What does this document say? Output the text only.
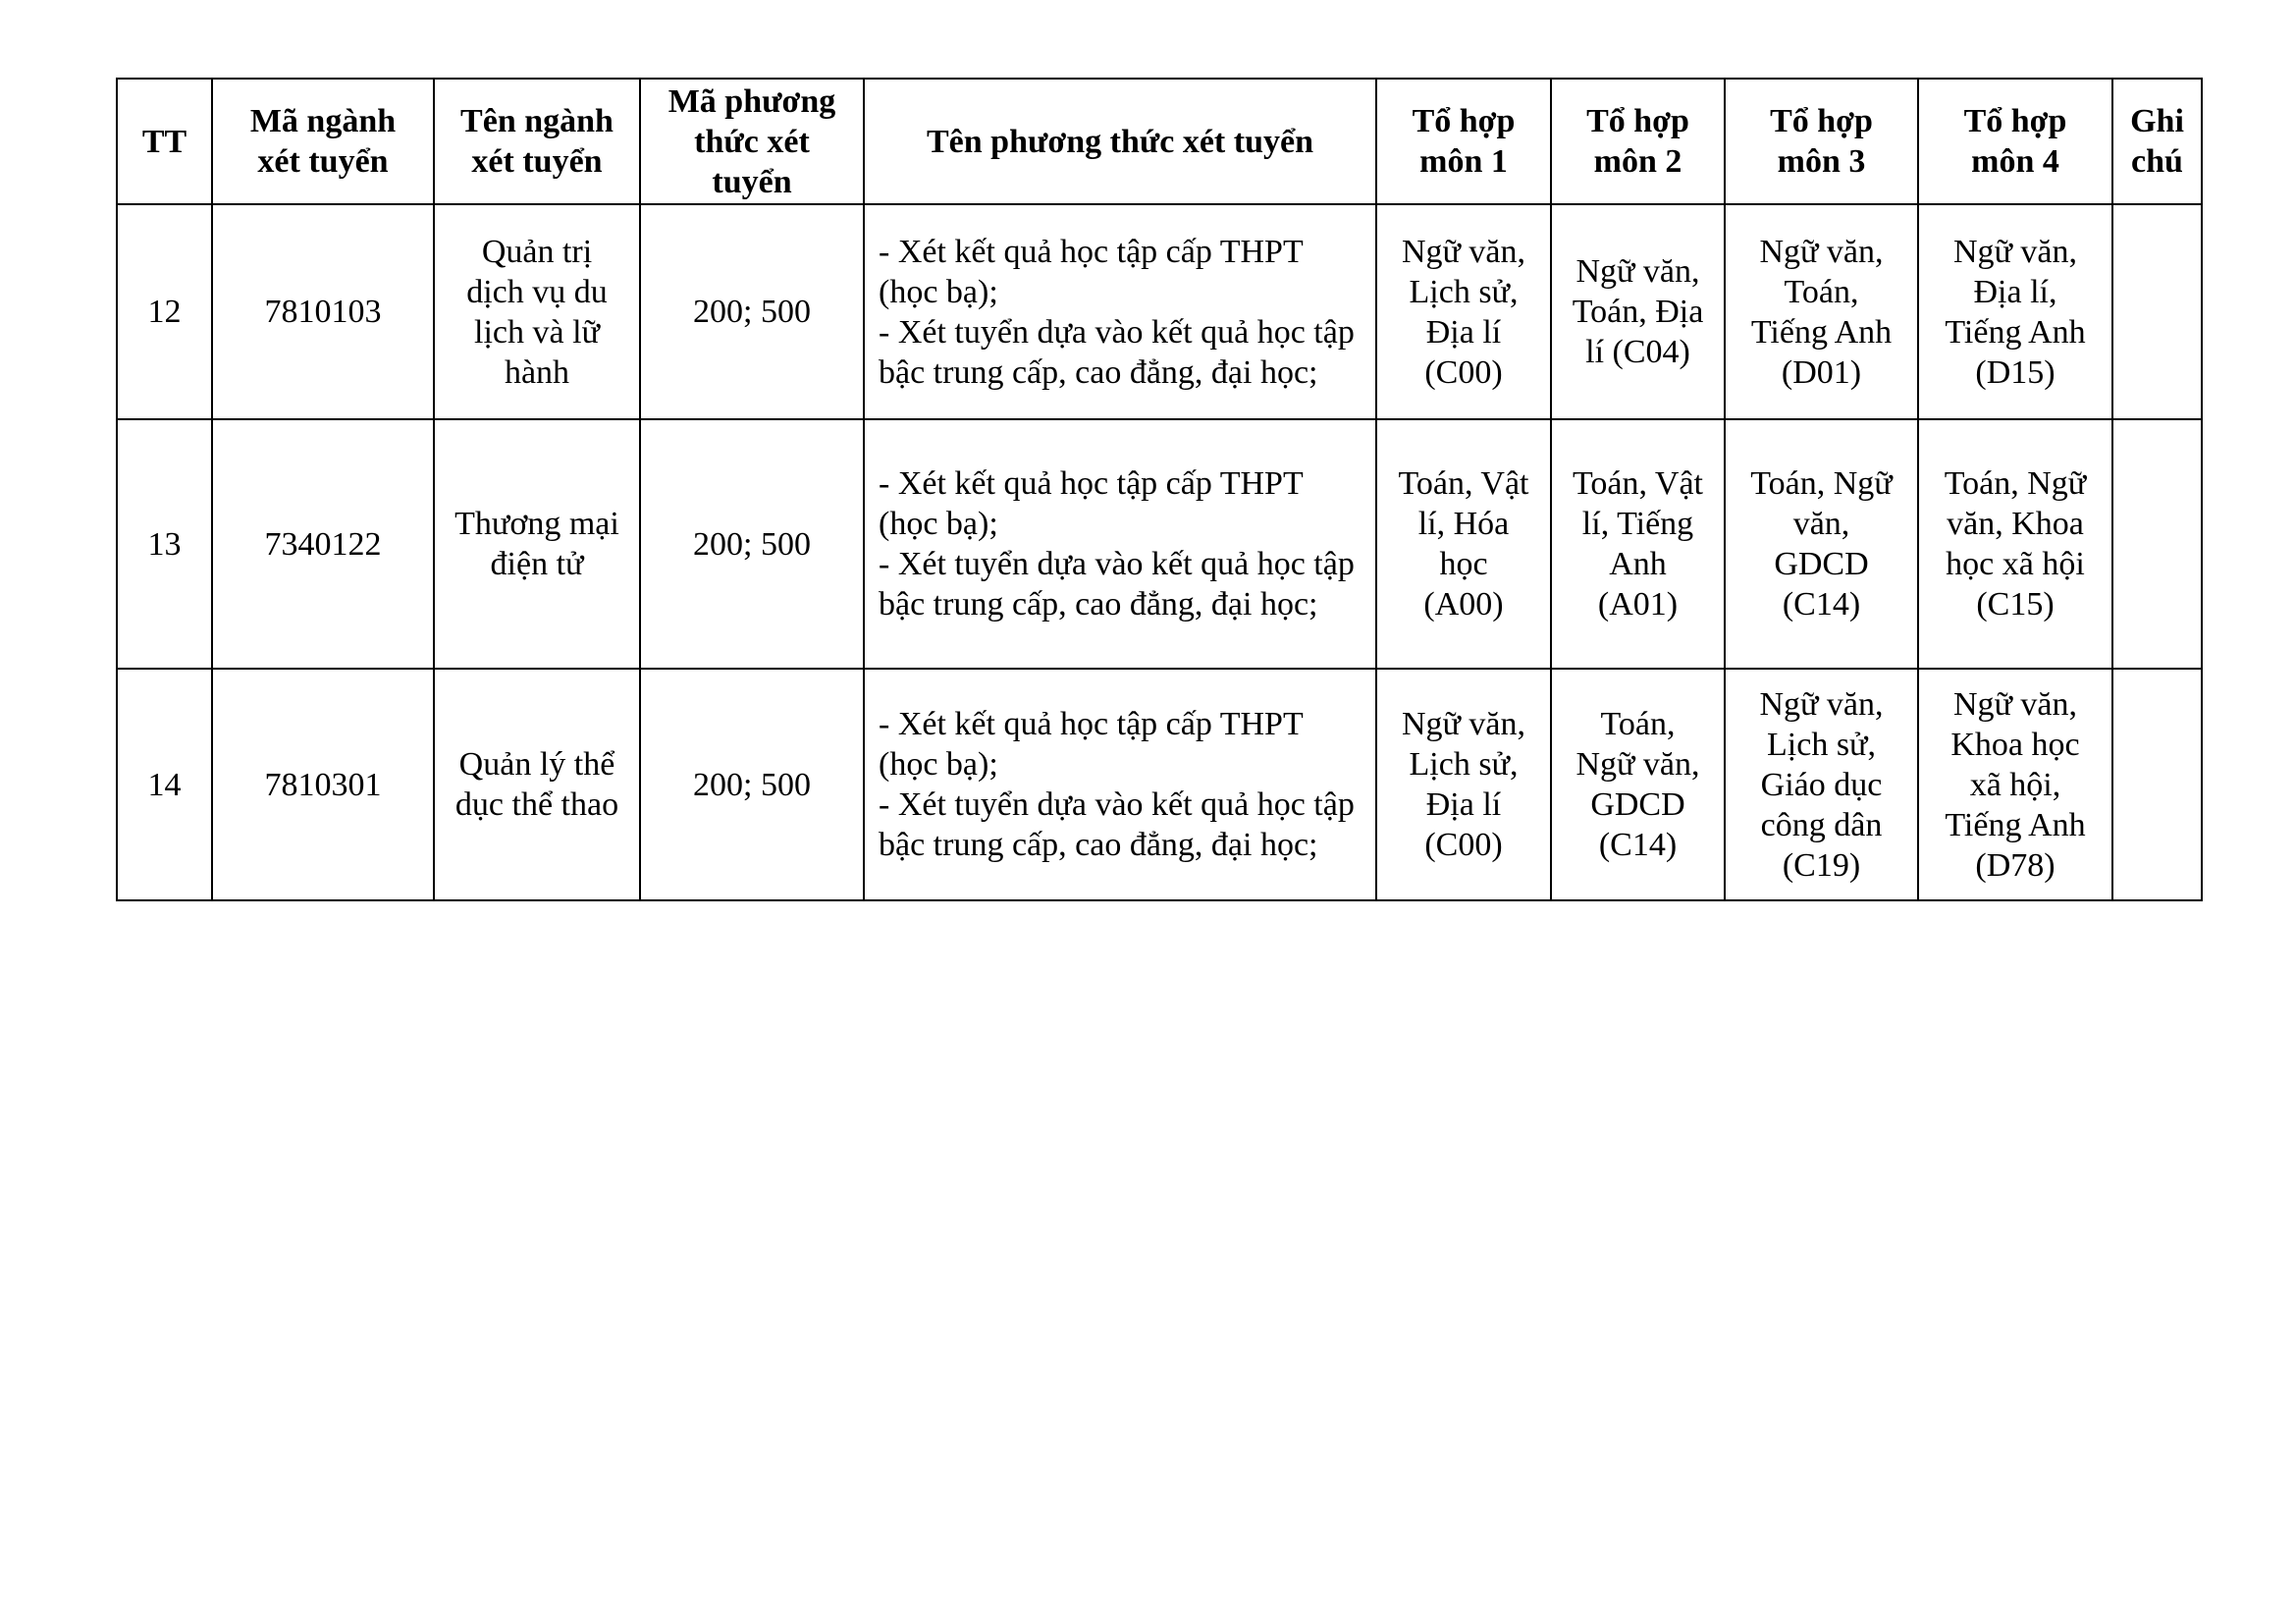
TT	Mã ngành
xét tuyển	Tên ngành
xét tuyển	Mã phương
thức xét
tuyển	Tên phương thức xét tuyển	Tổ hợp
môn 1	Tổ hợp
môn 2	Tổ hợp
môn 3	Tổ hợp
môn 4	Ghi
chú
12	7810103	Quản trị
dịch vụ du
lịch và lữ
hành	200; 500	- Xét kết quả học tập cấp THPT
(học bạ);
- Xét tuyển dựa vào kết quả học tập
bậc trung cấp, cao đẳng, đại học;	Ngữ văn,
Lịch sử,
Địa lí
(C00)	Ngữ văn,
Toán, Địa
lí (C04)	Ngữ văn,
Toán,
Tiếng Anh
(D01)	Ngữ văn,
Địa lí,
Tiếng Anh
(D15)	
13	7340122	Thương mại
điện tử	200; 500	- Xét kết quả học tập cấp THPT
(học bạ);
- Xét tuyển dựa vào kết quả học tập
bậc trung cấp, cao đẳng, đại học;	Toán, Vật
lí, Hóa
học
(A00)	Toán, Vật
lí, Tiếng
Anh
(A01)	Toán, Ngữ
văn,
GDCD
(C14)	Toán, Ngữ
văn, Khoa
học xã hội
(C15)	
14	7810301	Quản lý thể
dục thể thao	200; 500	- Xét kết quả học tập cấp THPT
(học bạ);
- Xét tuyển dựa vào kết quả học tập
bậc trung cấp, cao đẳng, đại học;	Ngữ văn,
Lịch sử,
Địa lí
(C00)	Toán,
Ngữ văn,
GDCD
(C14)	Ngữ văn,
Lịch sử,
Giáo dục
công dân
(C19)	Ngữ văn,
Khoa học
xã hội,
Tiếng Anh
(D78)	
